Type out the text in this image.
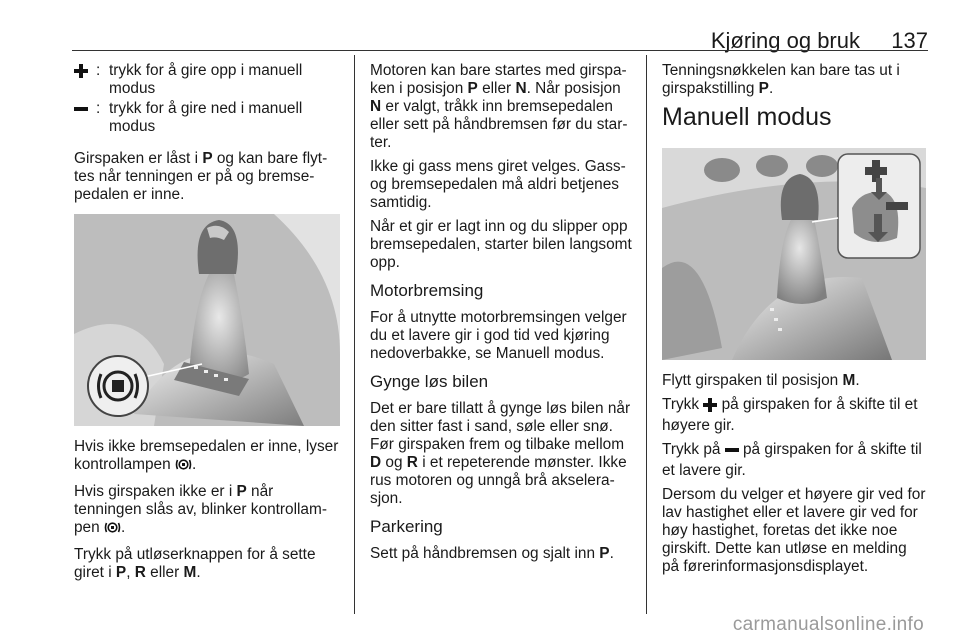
Kjøring og bruk 137
: trykk for å gire opp i manuell modus
: trykk for å gire ned i manuell modus

Girspaken er låst i P og kan bare flyttes når tenningen er på og bremsepedalen er inne.

Hvis ikke bremsepedalen er inne, lyser kontrollampen .

Hvis girspaken ikke er i P når tenningen slås av, blinker kontrollampen .

Trykk på utløserknappen for å sette giret i P, R eller M.

Motoren kan bare startes med girspaken i posisjon P eller N. Når posisjon N er valgt, tråkk inn bremsepedalen eller sett på håndbremsen før du starter.

Ikke gi gass mens giret velges. Gass- og bremsepedalen må aldri betjenes samtidig.

Når et gir er lagt inn og du slipper opp bremsepedalen, starter bilen langsomt opp.

Motorbremsing

For å utnytte motorbremsingen velger du et lavere gir i god tid ved kjøring nedoverbakke, se Manuell modus.

Gynge løs bilen

Det er bare tillatt å gynge løs bilen når den sitter fast i sand, søle eller snø. Før girspaken frem og tilbake mellom D og R i et repeterende mønster. Ikke rus motoren og unngå brå akselerasjon.

Parkering

Sett på håndbremsen og sjalt inn P.

Tenningsnøkkelen kan bare tas ut i girspakstilling P.

Manuell modus

Flytt girspaken til posisjon M.

Trykk  på girspaken for å skifte til et høyere gir.

Trykk på  på girspaken for å skifte til et lavere gir.

Dersom du velger et høyere gir ved for lav hastighet eller et lavere gir ved for høy hastighet, foretas det ikke noe girskift. Dette kan utløse en melding på førerinformasjonsdisplayet.

carmanualsonline.info
